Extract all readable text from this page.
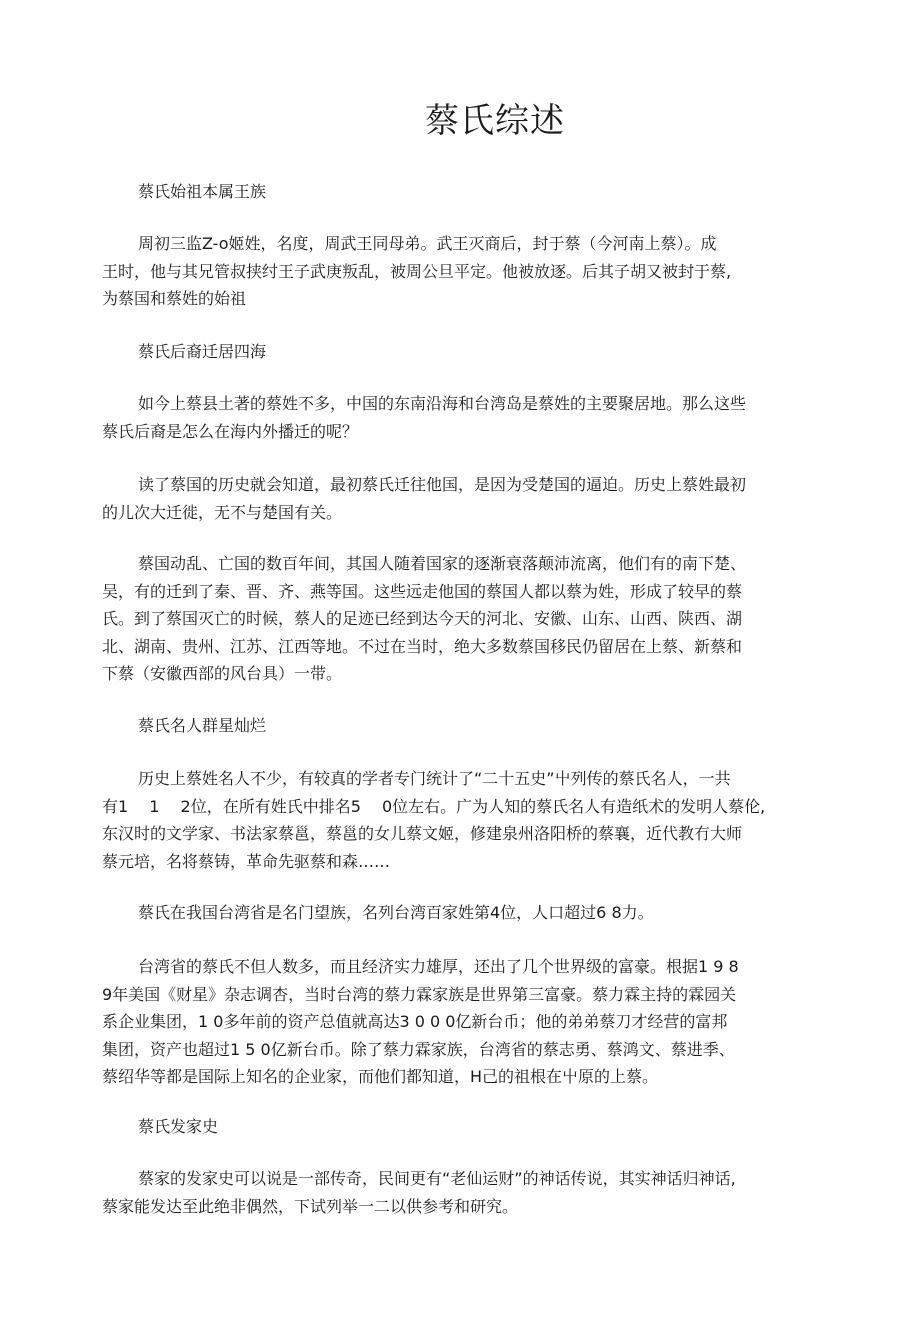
蔡氏综述
蔡氏始祖本属王族
周初三监Z-o姬姓，名度，周武王同母弟。武王灭商后，封于蔡（今河南上蔡）。成
王时，他与其兄管叔挟纣王子武庚叛乱，被周公旦平定。他被放逐。后其子胡又被封于蔡,
为蔡国和蔡姓的始祖
蔡氏后裔迁居四海
如今上蔡县土著的蔡姓不多，中国的东南沿海和台湾岛是蔡姓的主要聚居地。那么这些
蔡氏后裔是怎么在海内外播迁的呢？
读了蔡国的历史就会知道，最初蔡氏迁往他国，是因为受楚国的逼迫。历史上蔡姓最初
的儿次大迁徙，无不与楚国有关。
蔡国动乱、亡国的数百年间，其国人随着国家的逐渐衰落颠沛流离，他们有的南下楚、
吴，有的迁到了秦、晋、齐、燕等国。这些远走他国的蔡国人都以蔡为姓，形成了较早的蔡
氏。到了蔡国灭亡的时候，蔡人的足迹已经到达今天的河北、安徽、山东、山西、陕西、湖
北、湖南、贵州、江苏、江西等地。不过在当时，绝大多数蔡国移民仍留居在上蔡、新蔡和
下蔡（安徽西部的风台具）一带。
蔡氏名人群星灿烂
历史上蔡姓名人不少，有较真的学者专门统计了“二十五史”屮列传的蔡氏名人，一共
有1　 1　 2位，在所有姓氏中排名5　 0位左右。广为人知的蔡氏名人有造纸术的发明人蔡伦,
东汉时的文学家、书法家蔡邕，蔡邕的女儿蔡文姬，修建泉州洛阳桥的蔡襄，近代教冇大师
蔡元培，名将蔡铸，革命先驱蔡和森……
蔡氏在我国台湾省是名门望族，名列台湾百家姓第4位，人口超过6 8力。
台湾省的蔡氏不但人数多，而且经济实力雄厚，还出了几个世界级的富豪。根据1 9 8
9年美国《财星》杂志调杏，当时台湾的蔡力霖家族是世界第三富豪。蔡力霖主持的霖园关
系企业集团，1 0多年前的资产总值就高达3 0 0 0亿新台币；他的弟弟蔡刀才经营的富邦
集团，资产也超过1 5 0亿新台币。除了蔡力霖家族，台湾省的蔡志勇、蔡鸿文、蔡进季、
蔡绍华等都是国际上知名的企业家，而他们都知道，H己的祖根在屮原的上蔡。
蔡氏发家史
蔡家的发家史可以说是一部传奇，民间更有“老仙运财”的神话传说，其实神话归神话,
蔡家能发达至此绝非偶然，下试列举一二以供参考和研究。
